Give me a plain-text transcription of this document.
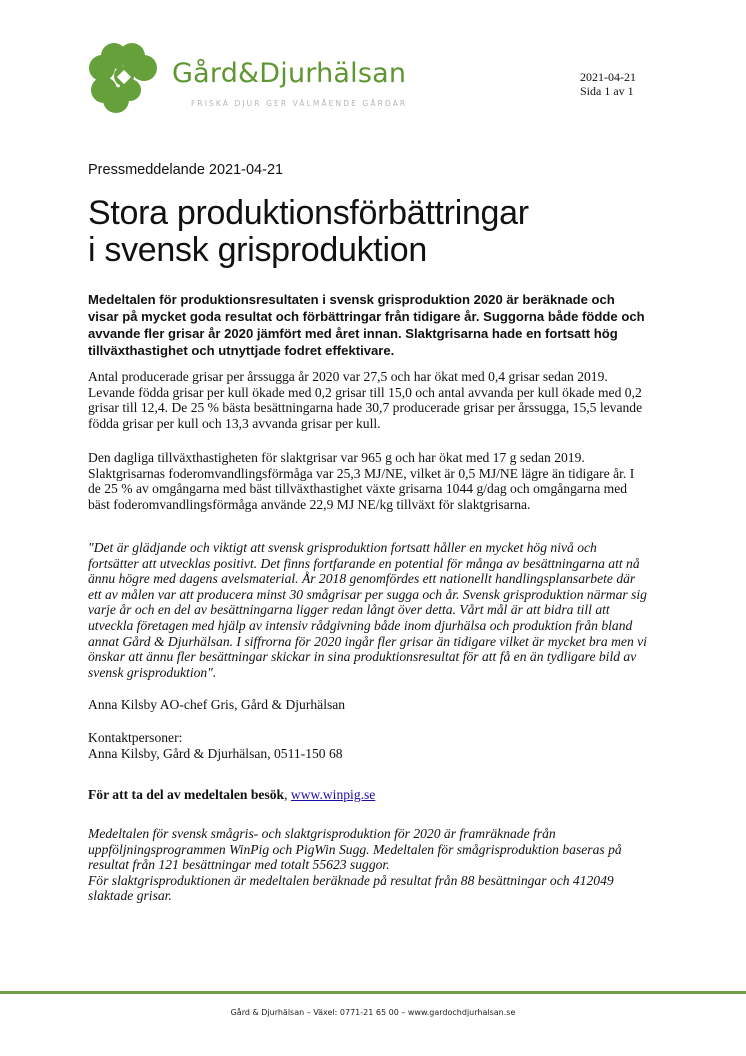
Gård&Djurhälsan
FRISKA DJUR GER VÄLMÅENDE GÅRDAR
2021-04-21
Sida 1 av 1
Pressmeddelande 2021-04-21
Stora produktionsförbättringar
i svensk grisproduktion

Medeltalen för produktionsresultaten i svensk grisproduktion 2020 är beräknade och visar på mycket goda resultat och förbättringar från tidigare år. Suggorna både födde och avvande fler grisar år 2020 jämfört med året innan. Slaktgrisarna hade en fortsatt hög tillväxthastighet och utnyttjade fodret effektivare.

Antal producerade grisar per årssugga år 2020 var 27,5 och har ökat med 0,4 grisar sedan 2019. Levande födda grisar per kull ökade med 0,2 grisar till 15,0 och antal avvanda per kull ökade med 0,2 grisar till 12,4. De 25 % bästa besättningarna hade 30,7 producerade grisar per årssugga, 15,5 levande födda grisar per kull och 13,3 avvanda grisar per kull.

Den dagliga tillväxthastigheten för slaktgrisar var 965 g och har ökat med 17 g sedan 2019. Slaktgrisarnas foderomvandlingsförmåga var 25,3 MJ/NE, vilket är 0,5 MJ/NE lägre än tidigare år. I de 25 % av omgångarna med bäst tillväxthastighet växte grisarna 1044 g/dag och omgångarna med bäst foderomvandlingsförmåga använde 22,9 MJ NE/kg tillväxt för slaktgrisarna.

"Det är glädjande och viktigt att svensk grisproduktion fortsatt håller en mycket hög nivå och fortsätter att utvecklas positivt. Det finns fortfarande en potential för många av besättningarna att nå ännu högre med dagens avelsmaterial. År 2018 genomfördes ett nationellt handlingsplansarbete där ett av målen var att producera minst 30 smågrisar per sugga och år. Svensk grisproduktion närmar sig varje år och en del av besättningarna ligger redan långt över detta. Vårt mål är att bidra till att utveckla företagen med hjälp av intensiv rådgivning både inom djurhälsa och produktion från bland annat Gård & Djurhälsan. I siffrorna för 2020 ingår fler grisar än tidigare vilket är mycket bra men vi önskar att ännu fler besättningar skickar in sina produktionsresultat för att få en än tydligare bild av svensk grisproduktion".

Anna Kilsby AO-chef Gris, Gård & Djurhälsan

Kontaktpersoner:
Anna Kilsby, Gård & Djurhälsan, 0511-150 68

För att ta del av medeltalen besök, www.winpig.se

Medeltalen för svensk smågris- och slaktgrisproduktion för 2020 är framräknade från uppföljningsprogrammen WinPig och PigWin Sugg. Medeltalen för smågrisproduktion baseras på resultat från 121 besättningar med totalt 55623 suggor.
För slaktgrisproduktionen är medeltalen beräknade på resultat från 88 besättningar och 412049 slaktade grisar.
Gård & Djurhälsan – Växel: 0771-21 65 00 – www.gardochdjurhalsan.se
